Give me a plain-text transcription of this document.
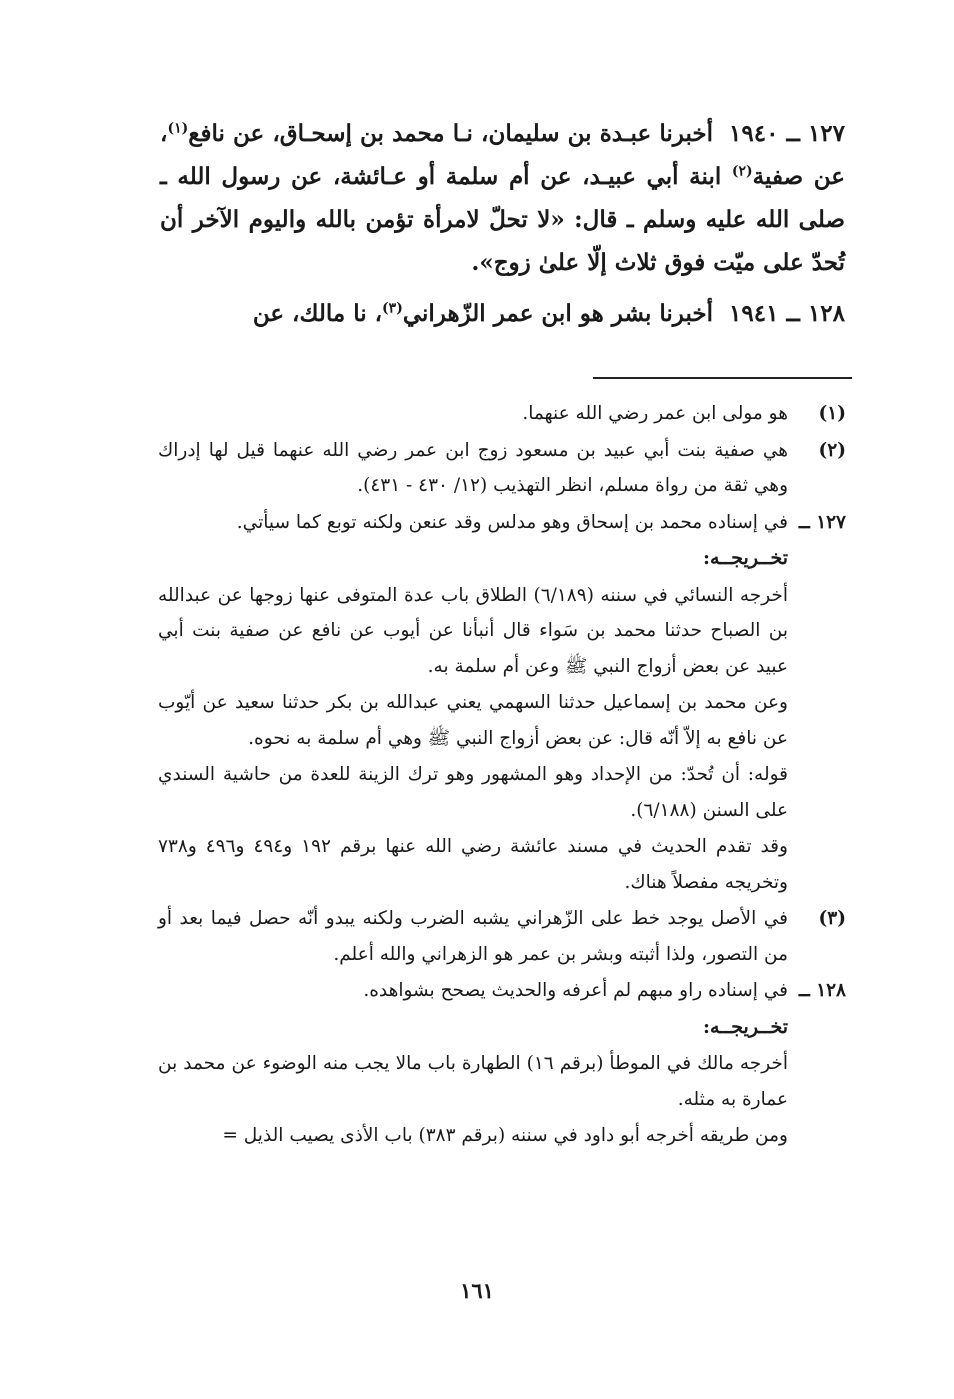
١٢٧ ــ ١٩٤٠أخبرنا عبـدة بن سليمان، نـا محمد بن إسحـاق، عن نافع$^{(١)}$، عن صفية$^{(٢)}$ ابنة أبي عبيـد، عن أم سلمة أو عـائشة، عن رسول الله ـ صلى الله عليه وسلم ـ قال: «لا تحلّ لامرأة تؤمن بالله واليوم الآخر أن تُحدّ على ميّت فوق ثلاث إلّا علىٰ زوج».

١٢٨ ــ ١٩٤١أخبرنا بشر هو ابن عمر الزّهراني$^{(٣)}$، نا مالك، عن

(١)
هو مولى ابن عمر رضي الله عنهما.
(٢)
هي صفية بنت أبي عبيد بن مسعود زوج ابن عمر رضي الله عنهما قيل لها إدراك وهي ثقة من رواة مسلم، انظر التهذيب (١٢/ ٤٣٠ - ٤٣١).
١٢٧ ــ
في إسناده محمد بن إسحاق وهو مدلس وقد عنعن ولكنه توبع كما سيأتي.

تخــريجــه:

أخرجه النسائي في سننه (٦/١٨٩) الطلاق باب عدة المتوفى عنها زوجها عن عبدالله بن الصباح حدثنا محمد بن سَواء قال أنبأنا عن أيوب عن نافع عن صفية بنت أبي عبيد عن بعض أزواج النبي ﷺ وعن أم سلمة به.

وعن محمد بن إسماعيل حدثنا السهمي يعني عبدالله بن بكر حدثنا سعيد عن أيّوب عن نافع به إلاّ أنّه قال: عن بعض أزواج النبي ﷺ وهي أم سلمة به نحوه.

قوله: أن تُحدّ: من الإحداد وهو المشهور وهو ترك الزينة للعدة من حاشية السندي على السنن (٦/١٨٨).

وقد تقدم الحديث في مسند عائشة رضي الله عنها برقم ١٩٢ و٤٩٤ و٤٩٦ و٧٣٨ وتخريجه مفصلاً هناك.

(٣)
في الأصل يوجد خط على الزّهراني يشبه الضرب ولكنه يبدو أنّه حصل فيما بعد أو من التصور، ولذا أثبته وبشر بن عمر هو الزهراني والله أعلم.
١٢٨ ــ
في إسناده راو مبهم لم أعرفه والحديث يصحح بشواهده.

تخــريجــه:

أخرجه مالك في الموطأ (برقم ١٦) الطهارة باب مالا يجب منه الوضوء عن محمد بن عمارة به مثله.

ومن طريقه أخرجه أبو داود في سننه (برقم ٣٨٣) باب الأذى يصيب الذيل =

١٦١
